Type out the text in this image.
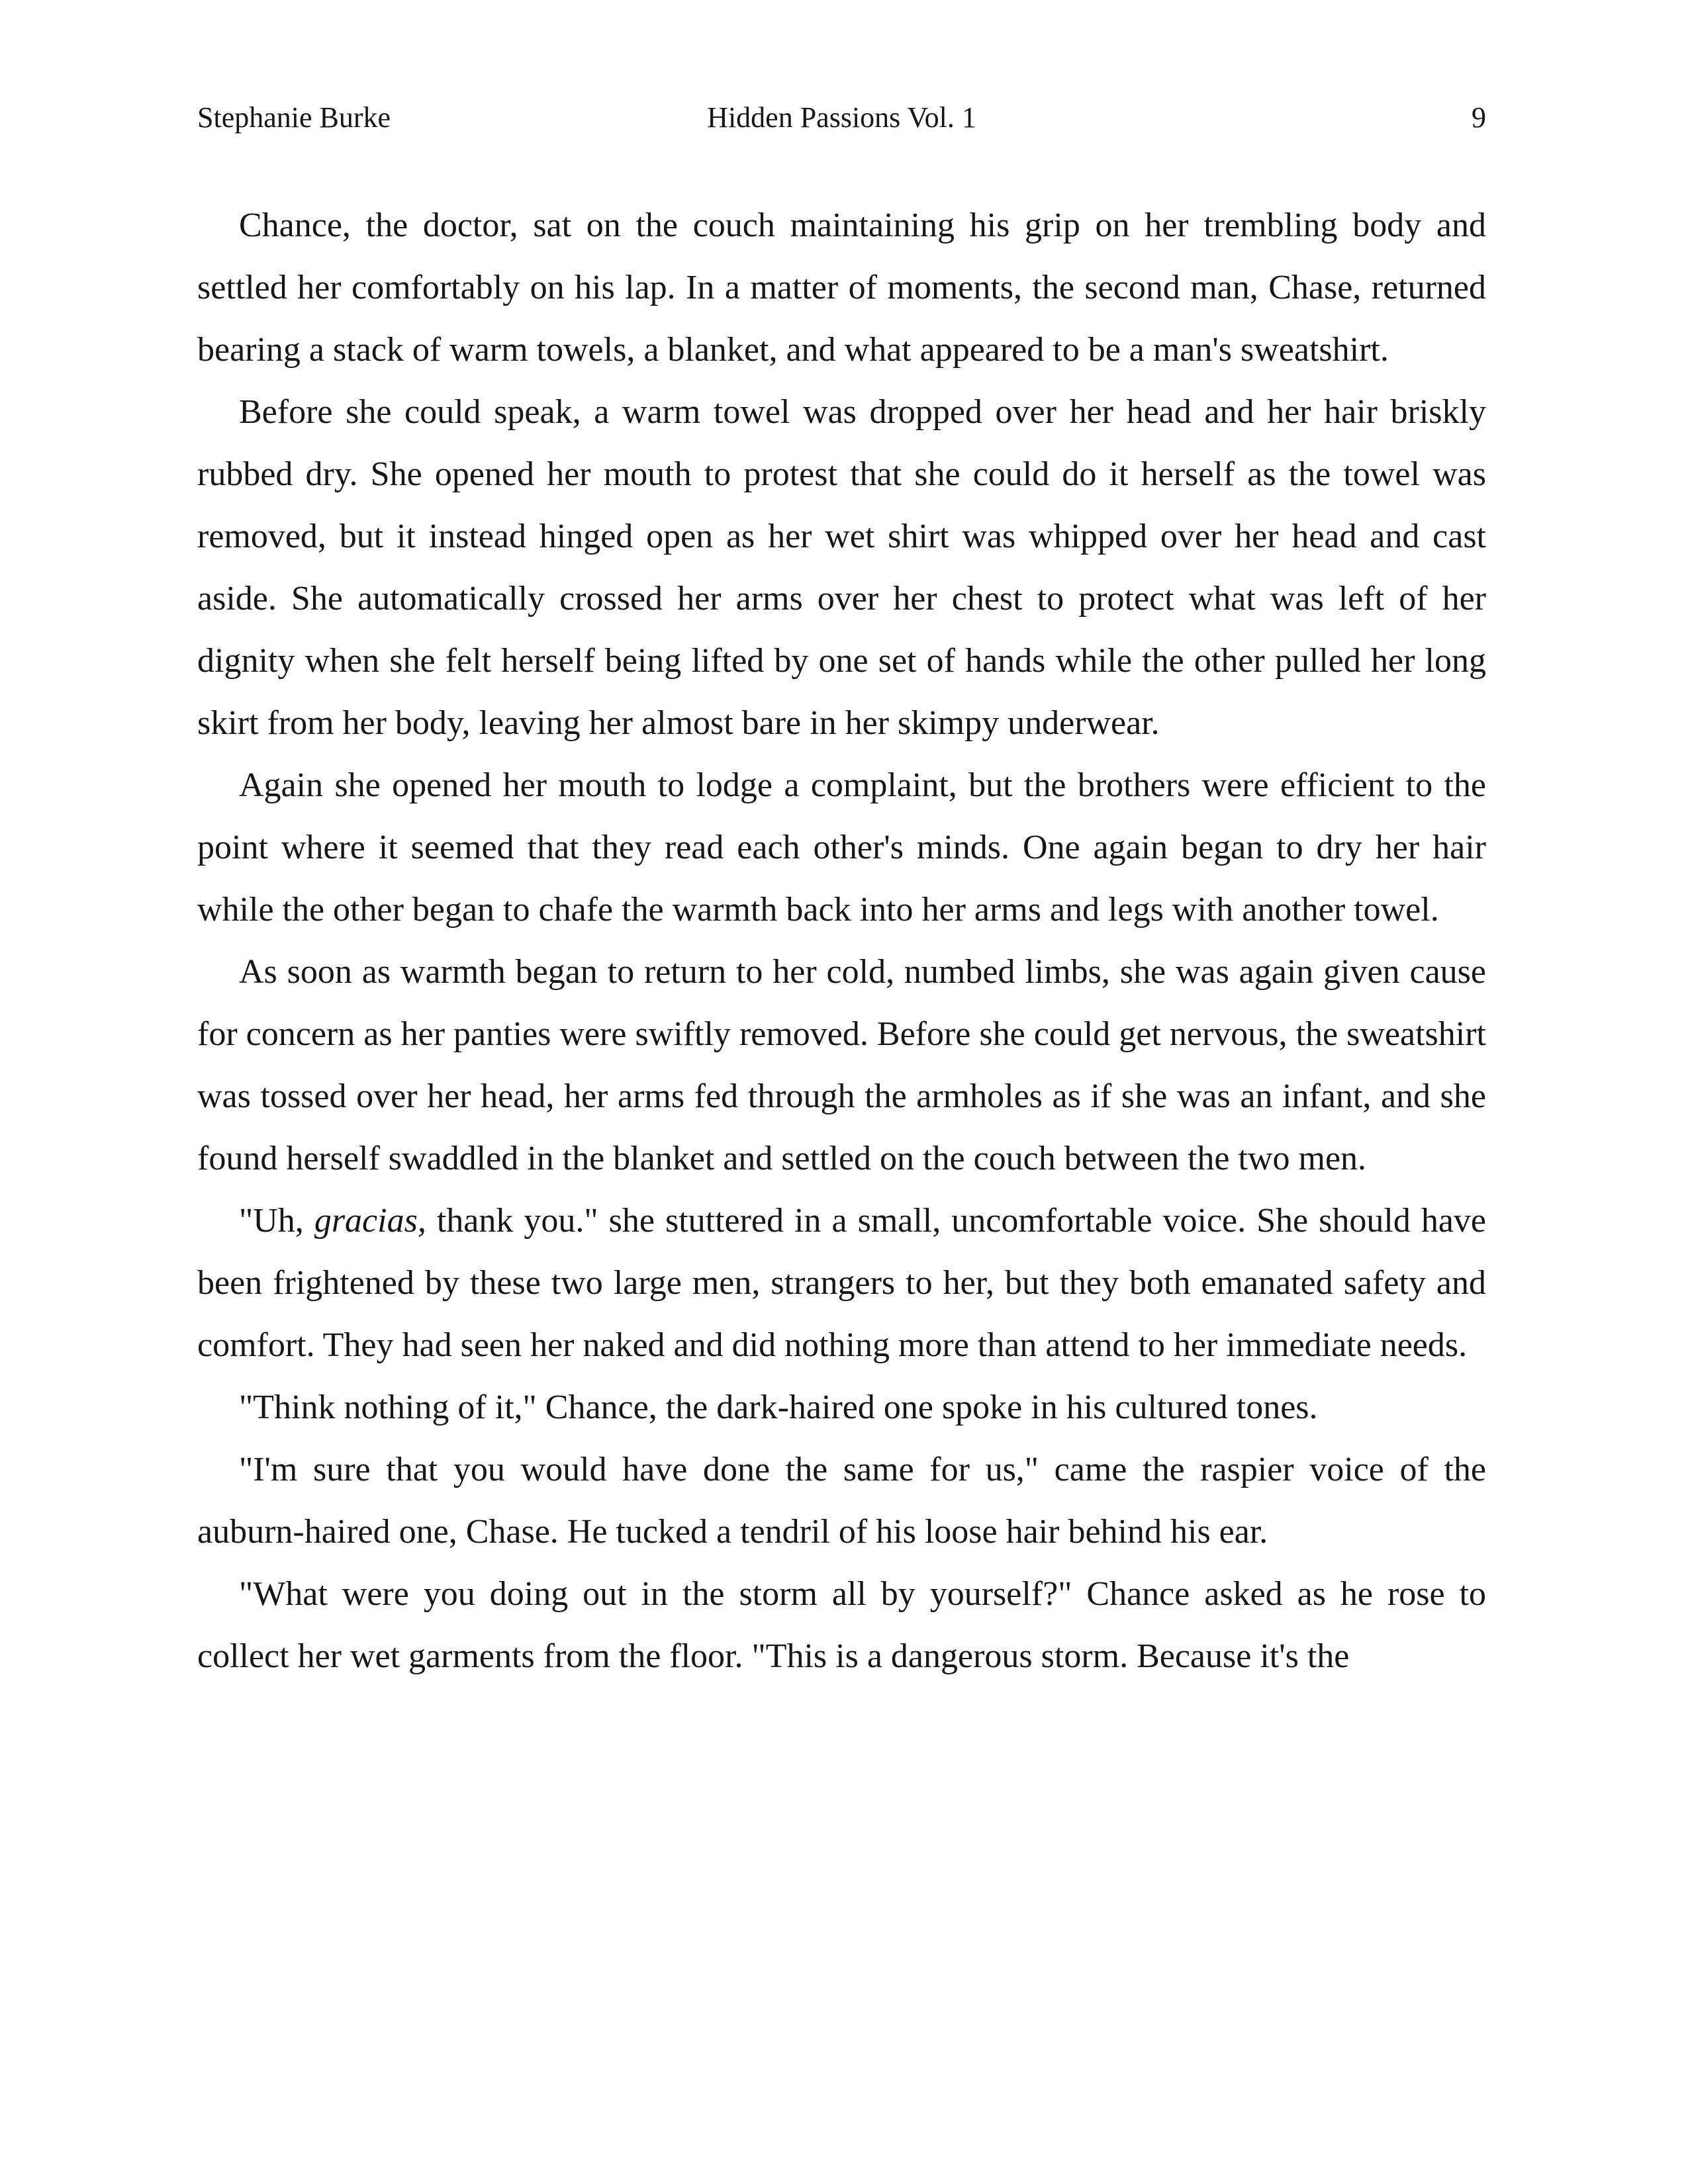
Stephanie Burke	Hidden Passions Vol. 1	9

Chance, the doctor, sat on the couch maintaining his grip on her trembling body and settled her comfortably on his lap. In a matter of moments, the second man, Chase, returned bearing a stack of warm towels, a blanket, and what appeared to be a man's sweatshirt.

Before she could speak, a warm towel was dropped over her head and her hair briskly rubbed dry. She opened her mouth to protest that she could do it herself as the towel was removed, but it instead hinged open as her wet shirt was whipped over her head and cast aside. She automatically crossed her arms over her chest to protect what was left of her dignity when she felt herself being lifted by one set of hands while the other pulled her long skirt from her body, leaving her almost bare in her skimpy underwear.

Again she opened her mouth to lodge a complaint, but the brothers were efficient to the point where it seemed that they read each other's minds. One again began to dry her hair while the other began to chafe the warmth back into her arms and legs with another towel.

As soon as warmth began to return to her cold, numbed limbs, she was again given cause for concern as her panties were swiftly removed. Before she could get nervous, the sweatshirt was tossed over her head, her arms fed through the armholes as if she was an infant, and she found herself swaddled in the blanket and settled on the couch between the two men.

"Uh, gracias, thank you." she stuttered in a small, uncomfortable voice. She should have been frightened by these two large men, strangers to her, but they both emanated safety and comfort. They had seen her naked and did nothing more than attend to her immediate needs.

"Think nothing of it," Chance, the dark-haired one spoke in his cultured tones.

"I'm sure that you would have done the same for us," came the raspier voice of the auburn-haired one, Chase. He tucked a tendril of his loose hair behind his ear.

"What were you doing out in the storm all by yourself?" Chance asked as he rose to collect her wet garments from the floor. "This is a dangerous storm. Because it's the
